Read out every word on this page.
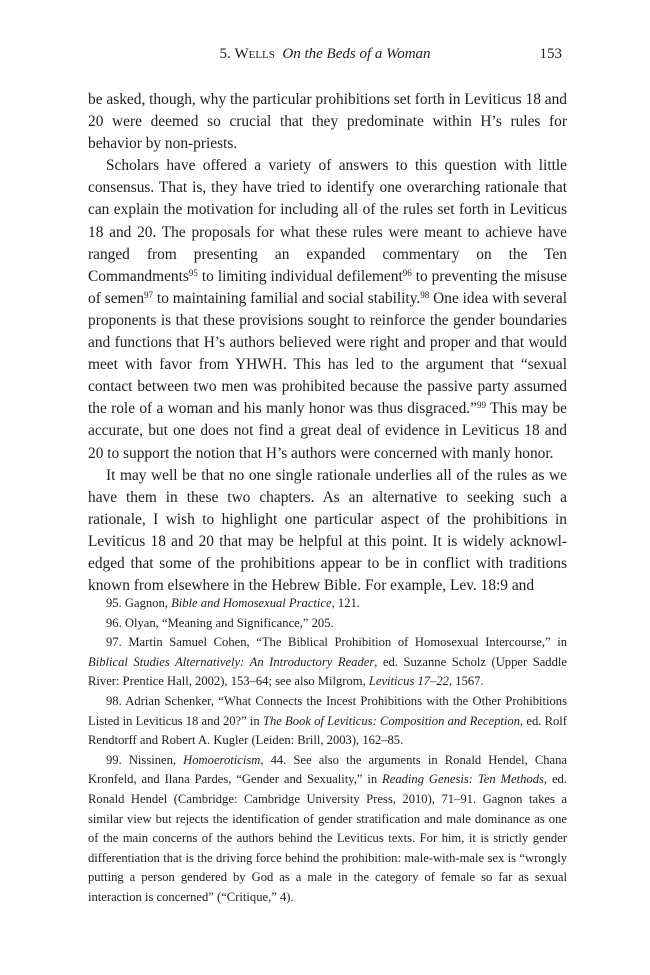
5. Wells On the Beds of a Woman	153

be asked, though, why the particular prohibitions set forth in Leviticus 18 and 20 were deemed so crucial that they predominate within H’s rules for behavior by non-priests.

Scholars have offered a variety of answers to this question with little consensus. That is, they have tried to identify one overarching rationale that can explain the motivation for including all of the rules set forth in Leviticus 18 and 20. The proposals for what these rules were meant to achieve have ranged from presenting an expanded commentary on the Ten Commandments$^{95}$ to limiting individual defilement$^{96}$ to preventing the misuse of semen$^{97}$ to maintaining familial and social stability.$^{98}$ One idea with several proponents is that these provisions sought to reinforce the gender boundaries and functions that H’s authors believed were right and proper and that would meet with favor from YHWH. This has led to the argument that “sexual contact between two men was prohibited because the passive party assumed the role of a woman and his manly honor was thus disgraced.”$^{99}$ This may be accurate, but one does not find a great deal of evidence in Leviticus 18 and 20 to support the notion that H’s authors were concerned with manly honor.

It may well be that no one single rationale underlies all of the rules as we have them in these two chapters. As an alternative to seeking such a rationale, I wish to highlight one particular aspect of the prohibitions in Leviticus 18 and 20 that may be helpful at this point. It is widely acknowledged that some of the prohibitions appear to be in conflict with traditions known from elsewhere in the Hebrew Bible. For example, Lev. 18:9 and

95. Gagnon, Bible and Homosexual Practice, 121.

96. Olyan, “Meaning and Significance,” 205.

97. Martin Samuel Cohen, “The Biblical Prohibition of Homosexual Intercourse,” in Biblical Studies Alternatively: An Introductory Reader, ed. Suzanne Scholz (Upper Saddle River: Prentice Hall, 2002), 153–64; see also Milgrom, Leviticus 17–22, 1567.

98. Adrian Schenker, “What Connects the Incest Prohibitions with the Other Prohibitions Listed in Leviticus 18 and 20?” in The Book of Leviticus: Composition and Reception, ed. Rolf Rendtorff and Robert A. Kugler (Leiden: Brill, 2003), 162–85.

99. Nissinen, Homoeroticism, 44. See also the arguments in Ronald Hendel, Chana Kronfeld, and Ilana Pardes, “Gender and Sexuality,” in Reading Genesis: Ten Methods, ed. Ronald Hendel (Cambridge: Cambridge University Press, 2010), 71–91. Gagnon takes a similar view but rejects the identification of gender stratification and male dominance as one of the main concerns of the authors behind the Leviticus texts. For him, it is strictly gender differentiation that is the driving force behind the prohibition: male-with-male sex is “wrongly putting a person gendered by God as a male in the category of female so far as sexual interaction is concerned” (“Critique,” 4).
